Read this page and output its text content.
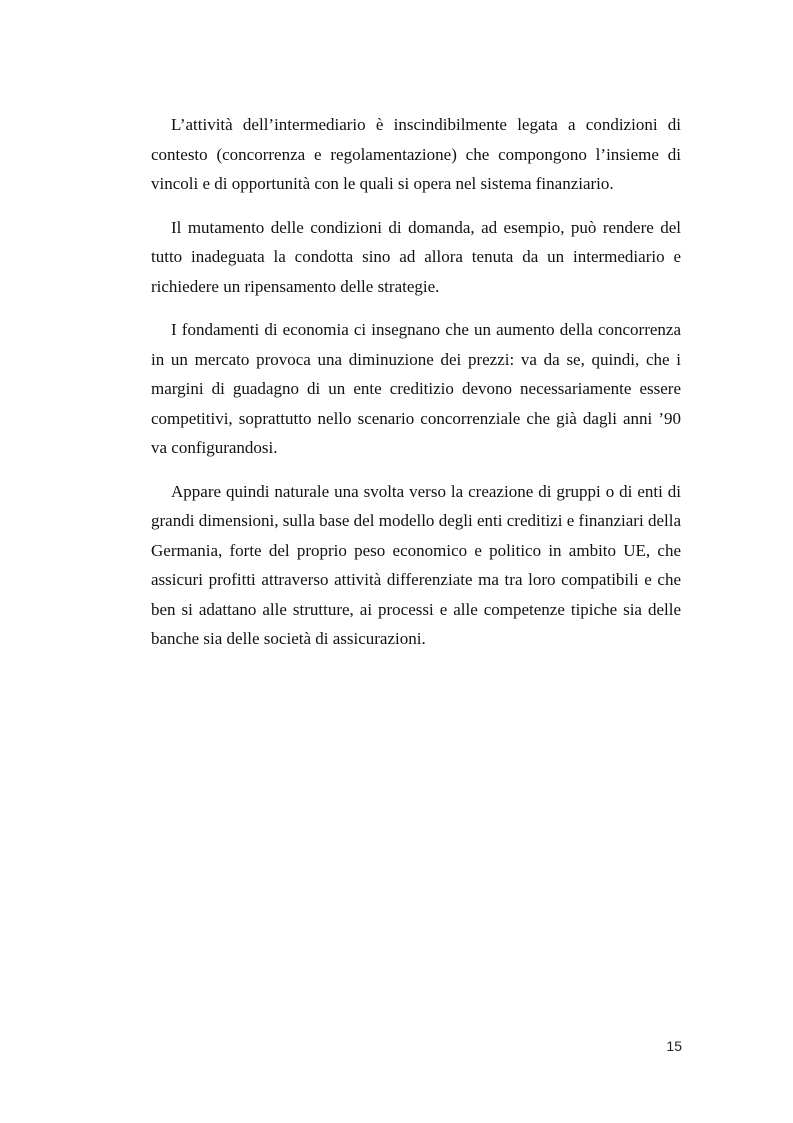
L’attività dell’intermediario è inscindibilmente legata a condizioni di contesto (concorrenza e regolamentazione) che compongono l’insieme di vincoli e di opportunità con le quali si opera nel sistema finanziario.

Il mutamento delle condizioni di domanda, ad esempio, può rendere del tutto inadeguata la condotta sino ad allora tenuta da un intermediario e richiedere un ripensamento delle strategie.

I fondamenti di economia ci insegnano che un aumento della concorrenza in un mercato provoca una diminuzione dei prezzi: va da se, quindi, che i margini di guadagno di un ente creditizio devono necessariamente essere competitivi, soprattutto nello scenario concorrenziale che già dagli anni ’90 va configurandosi.

Appare quindi naturale una svolta verso la creazione di gruppi o di enti di grandi dimensioni, sulla base del modello degli enti creditizi e finanziari della Germania, forte del proprio peso economico e politico in ambito UE, che assicuri profitti attraverso attività differenziate ma tra loro compatibili e che ben si adattano alle strutture, ai processi e alle competenze tipiche sia delle banche sia delle società di assicurazioni.

15
